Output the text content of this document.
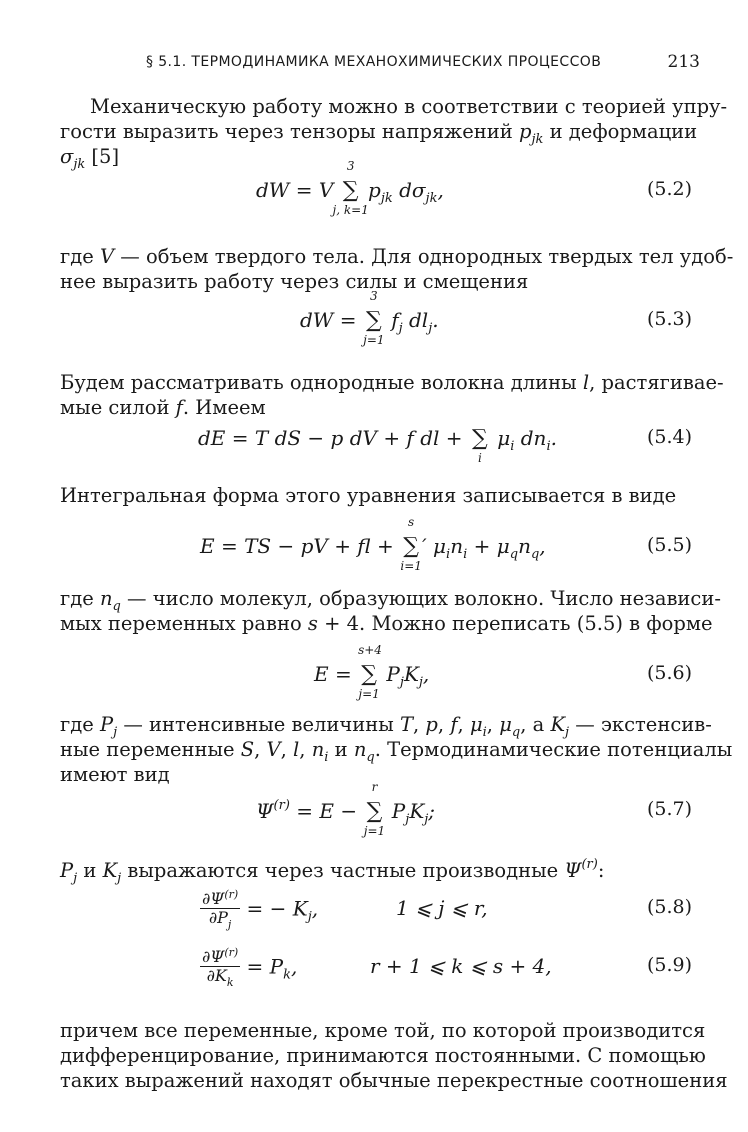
§ 5.1. ТЕРМОДИНАМИКА МЕХАНОХИМИЧЕСКИХ ПРОЦЕССОВ	213
Механическую работу можно в соответствии с теорией упру-
гости выразить через тензоры напряжений $p_{jk}$ и деформации
$\sigma_{jk}$ [5]
dW = V ∑
3
j, k=1
$p_{jk}$ $d\sigma_{jk}$,	(5.2)
где V — объем твердого тела. Для однородных твердых тел удоб-
нее выразить работу через силы и смещения
dW = ∑
3
j=1
$f_j$ $dl_j$.	(5.3)
Будем рассматривать однородные волокна длины l, растягивае-
мые силой f. Имеем
dE = T dS − p dV + f dl + ∑
i
$\mu_i$ $dn_i$.	(5.4)
Интегральная форма этого уравнения записывается в виде
E = TS − pV + fl + ∑
s
i=1
′ $\mu_in_i + \mu_qn_q$,	(5.5)
где $n_q$ — число молекул, образующих волокно. Число независи-
мых переменных равно s + 4. Можно переписать (5.5) в форме
E = ∑
s+4
j=1
$P_jK_j$,	(5.6)
где $P_j$ — интенсивные величины T, p, f, $\mu_i$, $\mu_q$, а $K_j$ — экстенсив-
ные переменные S, V, l, $n_i$ и $n_q$. Термодинамические потенциалы
имеют вид
$\Psi^{(r)} = E$ − ∑
r
j=1
$P_jK_j$;	(5.7)
$P_j$ и $K_j$ выражаются через частные производные $\Psi^{(r)}$:
$\frac{\partial\Psi^{(r)}}{\partial P_j}$ = − $K_j$,	1 ⩽ j ⩽ r,	(5.8)
$\frac{\partial\Psi^{(r)}}{\partial K_k} = P_k$,	r + 1 ⩽ k ⩽ s + 4,	(5.9)
причем все переменные, кроме той, по которой производится
дифференцирование, принимаются постоянными. С помощью
таких выражений находят обычные перекрестные соотношения
